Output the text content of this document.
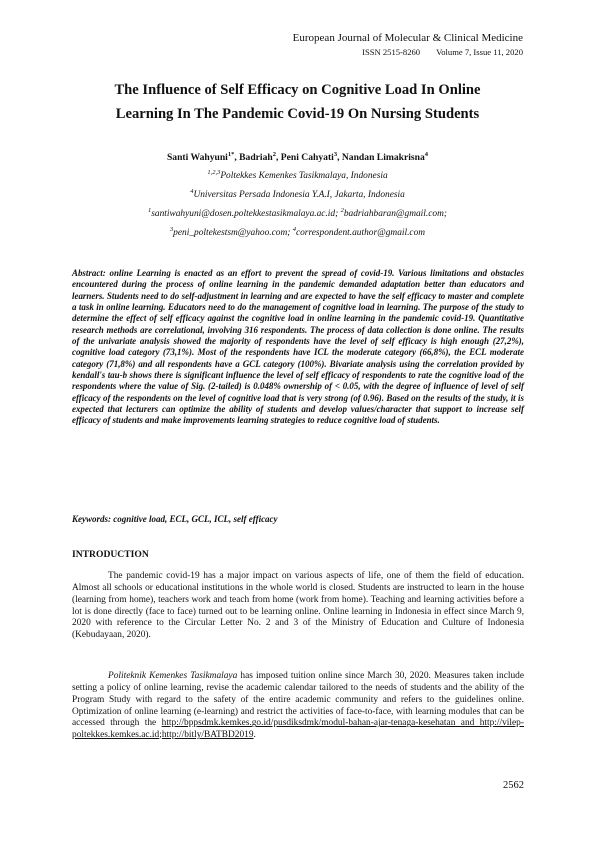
European Journal of Molecular & Clinical Medicine
ISSN 2515-8260 Volume 7, Issue 11, 2020
The Influence of Self Efficacy on Cognitive Load In Online
Learning In The Pandemic Covid-19 On Nursing Students
Santi Wahyuni$^{1*}$, Badriah$^2$, Peni Cahyati$^3$, Nandan Limakrisna$^4$
$^{1,2,3}$Poltekkes Kemenkes Tasikmalaya, Indonesia
$^4$Universitas Persada Indonesia Y.A.I, Jakarta, Indonesia
$^1$santiwahyuni@dosen.poltekkestasikmalaya.ac.id; $^2$badriahbaran@gmail.com;
$^3$peni_poltekestsm@yahoo.com; $^4$correspondent.author@gmail.com
Abstract: online Learning is enacted as an effort to prevent the spread of covid-19. Various limitations and obstacles encountered during the process of online learning in the pandemic demanded adaptation better than educators and learners. Students need to do self-adjustment in learning and are expected to have the self efficacy to master and complete a task in online learning. Educators need to do the management of cognitive load in learning. The purpose of the study to determine the effect of self efficacy against the cognitive load in online learning in the pandemic covid-19. Quantitative research methods are correlational, involving 316 respondents. The process of data collection is done online. The results of the univariate analysis showed the majority of respondents have the level of self efficacy is high enough (27,2%), cognitive load category (73,1%). Most of the respondents have ICL the moderate category (66,8%), the ECL moderate category (71,8%) and all respondents have a GCL category (100%). Bivariate analysis using the correlation provided by kendall's tau-b shows there is significant influence the level of self efficacy of respondents to rate the cognitive load of the respondents where the value of Sig. (2-tailed) is 0.048% ownership of < 0.05, with the degree of influence of level of self efficacy of the respondents on the level of cognitive load that is very strong (of 0.96). Based on the results of the study, it is expected that lecturers can optimize the ability of students and develop values/character that support to increase self efficacy of students and make improvements learning strategies to reduce cognitive load of students.
Keywords: cognitive load, ECL, GCL, ICL, self efficacy
INTRODUCTION
The pandemic covid-19 has a major impact on various aspects of life, one of them the field of education. Almost all schools or educational institutions in the whole world is closed. Students are instructed to learn in the house (learning from home), teachers work and teach from home (work from home). Teaching and learning activities before a lot is done directly (face to face) turned out to be learning online. Online learning in Indonesia in effect since March 9, 2020 with reference to the Circular Letter No. 2 and 3 of the Ministry of Education and Culture of Indonesia (Kebudayaan, 2020).
Politeknik Kemenkes Tasikmalaya has imposed tuition online since March 30, 2020. Measures taken include setting a policy of online learning, revise the academic calendar tailored to the needs of students and the ability of the Program Study with regard to the safety of the entire academic community and refers to the guidelines online. Optimization of online learning (e-learning) and restrict the activities of face-to-face, with learning modules that can be accessed through the http://bppsdmk.kemkes.go.id/pusdiksdmk/modul-bahan-ajar-tenaga-kesehatan and http://vilep-poltekkes.kemkes.ac.id;http://bitly/BATBD2019.
2562
